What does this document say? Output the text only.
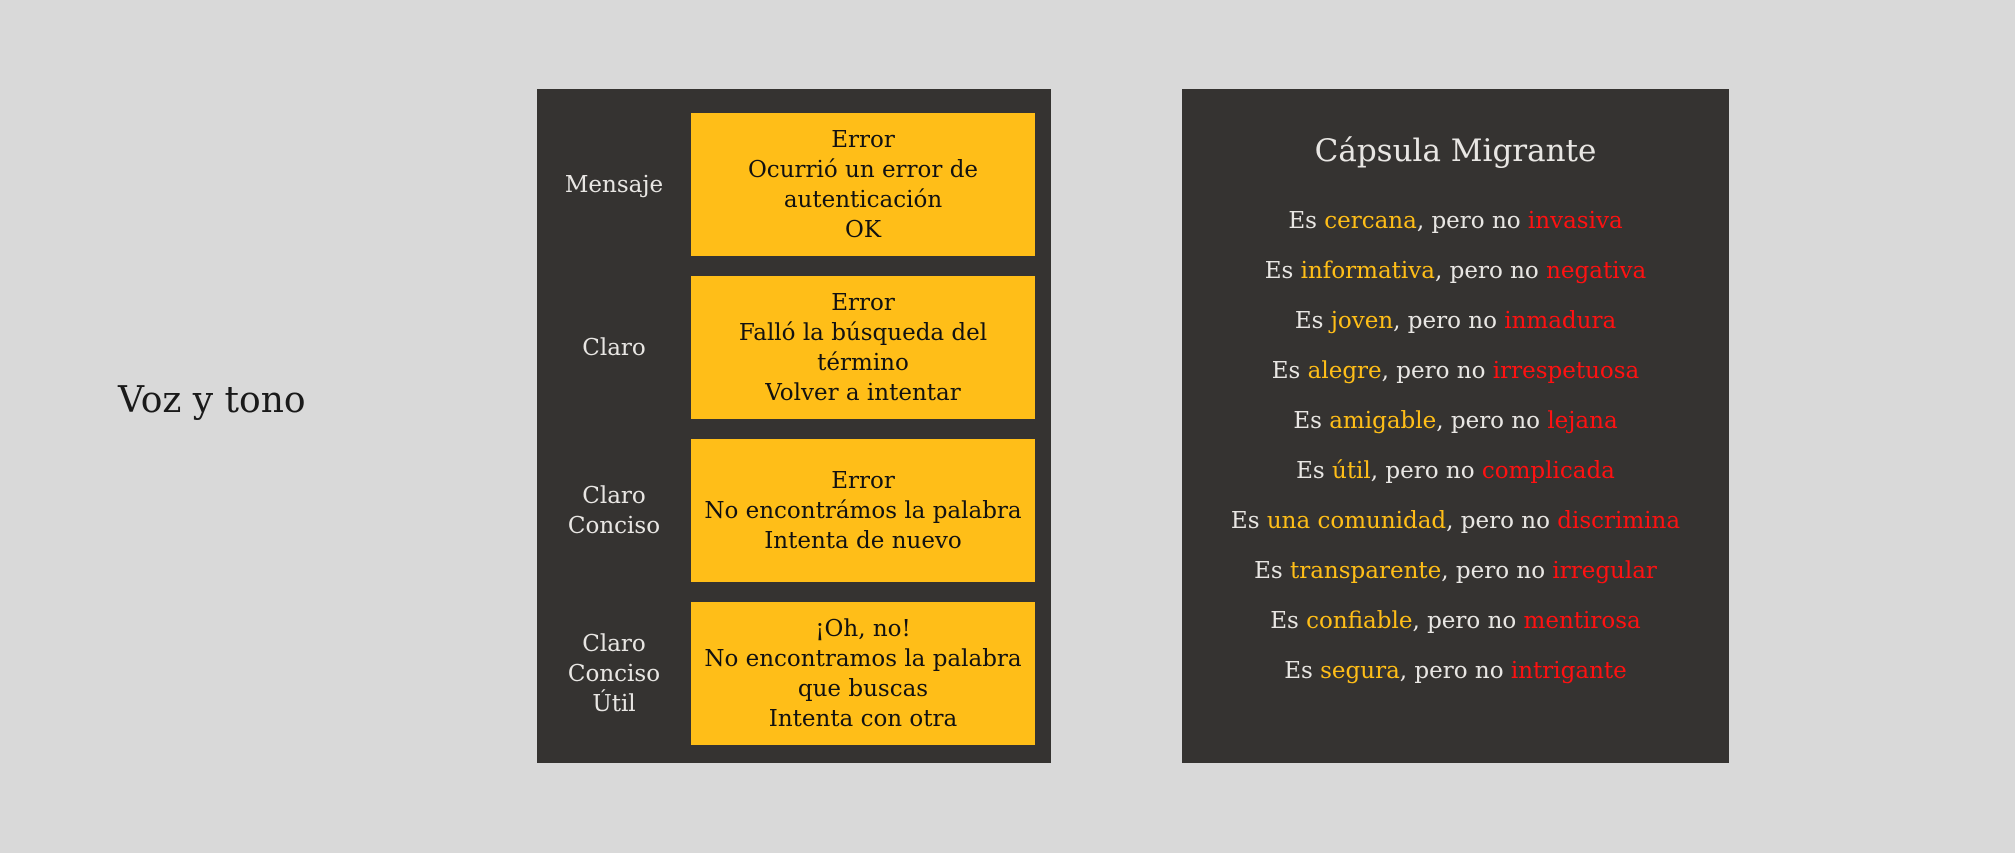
Voz y tono
Mensaje
Error
Ocurrió un error de
autenticación
OK
Claro
Error
Falló la búsqueda del término
Volver a intentar
Claro
Conciso
Error
No encontrámos la palabra
Intenta de nuevo
Claro
Conciso
Útil
¡Oh, no!
No encontramos la palabra
que buscas
Intenta con otra
Cápsula Migrante
Es cercana, pero no invasiva
Es informativa, pero no negativa
Es joven, pero no inmadura
Es alegre, pero no irrespetuosa
Es amigable, pero no lejana
Es útil, pero no complicada
Es una comunidad, pero no discrimina
Es transparente, pero no irregular
Es confiable, pero no mentirosa
Es segura, pero no intrigante
